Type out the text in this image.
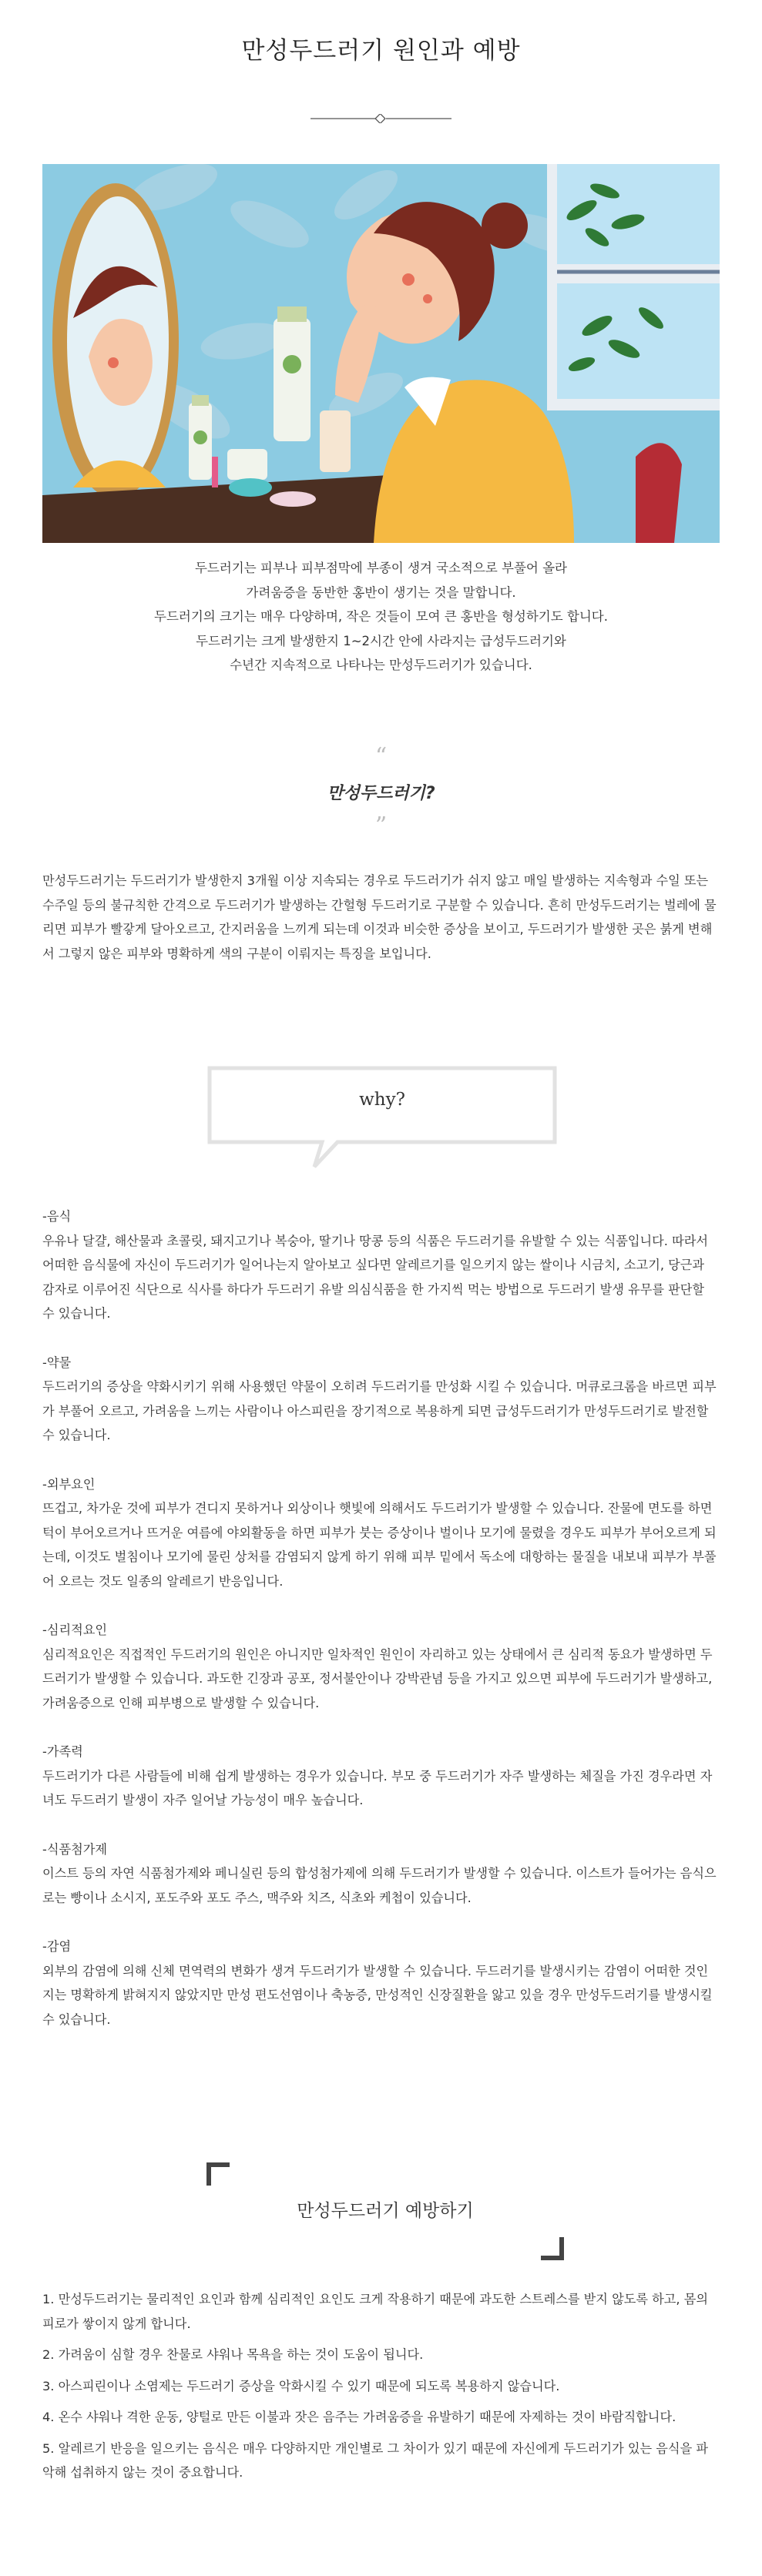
만성두드러기 원인과 예방

두드러기는 피부나 피부점막에 부종이 생겨 국소적으로 부풀어 올라

가려움증을 동반한 홍반이 생기는 것을 말합니다.

두드러기의 크기는 매우 다양하며, 작은 것들이 모여 큰 홍반을 형성하기도 합니다.

두드러기는 크게 발생한지 1~2시간 안에 사라지는 급성두드러기와

수년간 지속적으로 나타나는 만성두드러기가 있습니다.

“
만성두드러기?
”
만성두드러기는 두드러기가 발생한지 3개월 이상 지속되는 경우로 두드러기가 쉬지 않고 매일 발생하는 지속형과 수일 또는 수주일 등의 불규칙한 간격으로 두드러기가 발생하는 간헐형 두드러기로 구분할 수 있습니다. 흔히 만성두드러기는 벌레에 물리면 피부가 빨갛게 달아오르고, 간지러움을 느끼게 되는데 이것과 비슷한 증상을 보이고, 두드러기가 발생한 곳은 붉게 변해서 그렇지 않은 피부와 명확하게 색의 구분이 이뤄지는 특징을 보입니다.
why?

-음식

우유나 달걀, 해산물과 초콜릿, 돼지고기나 복숭아, 딸기나 땅콩 등의 식품은 두드러기를 유발할 수 있는 식품입니다. 따라서 어떠한 음식물에 자신이 두드러기가 일어나는지 알아보고 싶다면 알레르기를 일으키지 않는 쌀이나 시금치, 소고기, 당근과 감자로 이루어진 식단으로 식사를 하다가 두드러기 유발 의심식품을 한 가지씩 먹는 방법으로 두드러기 발생 유무를 판단할 수 있습니다.

-약물

두드러기의 증상을 약화시키기 위해 사용했던 약물이 오히려 두드러기를 만성화 시킬 수 있습니다. 머큐로크롬을 바르면 피부가 부풀어 오르고, 가려움을 느끼는 사람이나 아스피린을 장기적으로 복용하게 되면 급성두드러기가 만성두드러기로 발전할 수 있습니다.

-외부요인

뜨겁고, 차가운 것에 피부가 견디지 못하거나 외상이나 햇빛에 의해서도 두드러기가 발생할 수 있습니다. 잔물에 면도를 하면 턱이 부어오르거나 뜨거운 여름에 야외활동을 하면 피부가 붓는 증상이나 벌이나 모기에 물렸을 경우도 피부가 부어오르게 되는데, 이것도 벌침이나 모기에 물린 상처를 감염되지 않게 하기 위해 피부 밑에서 독소에 대항하는 물질을 내보내 피부가 부풀어 오르는 것도 일종의 알레르기 반응입니다.

-심리적요인

심리적요인은 직접적인 두드러기의 원인은 아니지만 일차적인 원인이 자리하고 있는 상태에서 큰 심리적 동요가 발생하면 두드러기가 발생할 수 있습니다. 과도한 긴장과 공포, 정서불안이나 강박관념 등을 가지고 있으면 피부에 두드러기가 발생하고, 가려움증으로 인해 피부병으로 발생할 수 있습니다.

-가족력

두드러기가 다른 사람들에 비해 쉽게 발생하는 경우가 있습니다. 부모 중 두드러기가 자주 발생하는 체질을 가진 경우라면 자녀도 두드러기 발생이 자주 일어날 가능성이 매우 높습니다.

-식품첨가제

이스트 등의 자연 식품첨가제와 페니실린 등의 합성첨가제에 의해 두드러기가 발생할 수 있습니다. 이스트가 들어가는 음식으로는 빵이나 소시지, 포도주와 포도 주스, 맥주와 치즈, 식초와 케첩이 있습니다.

-감염

외부의 감염에 의해 신체 면역력의 변화가 생겨 두드러기가 발생할 수 있습니다. 두드러기를 발생시키는 감염이 어떠한 것인지는 명확하게 밝혀지지 않았지만 만성 편도선염이나 축농증, 만성적인 신장질환을 앓고 있을 경우 만성두드러기를 발생시킬 수 있습니다.

만성두드러기 예방하기

1. 만성두드러기는 물리적인 요인과 함께 심리적인 요인도 크게 작용하기 때문에 과도한 스트레스를 받지 않도록 하고, 몸의 피로가 쌓이지 않게 합니다.

2. 가려움이 심할 경우 찬물로 샤워나 목욕을 하는 것이 도움이 됩니다.

3. 아스피린이나 소염제는 두드러기 증상을 악화시킬 수 있기 때문에 되도록 복용하지 않습니다.

4. 온수 샤워나 격한 운동, 양털로 만든 이불과 잣은 음주는 가려움증을 유발하기 때문에 자제하는 것이 바람직합니다.

5. 알레르기 반응을 일으키는 음식은 매우 다양하지만 개인별로 그 차이가 있기 때문에 자신에게 두드러기가 있는 음식을 파악해 섭취하지 않는 것이 중요합니다.
